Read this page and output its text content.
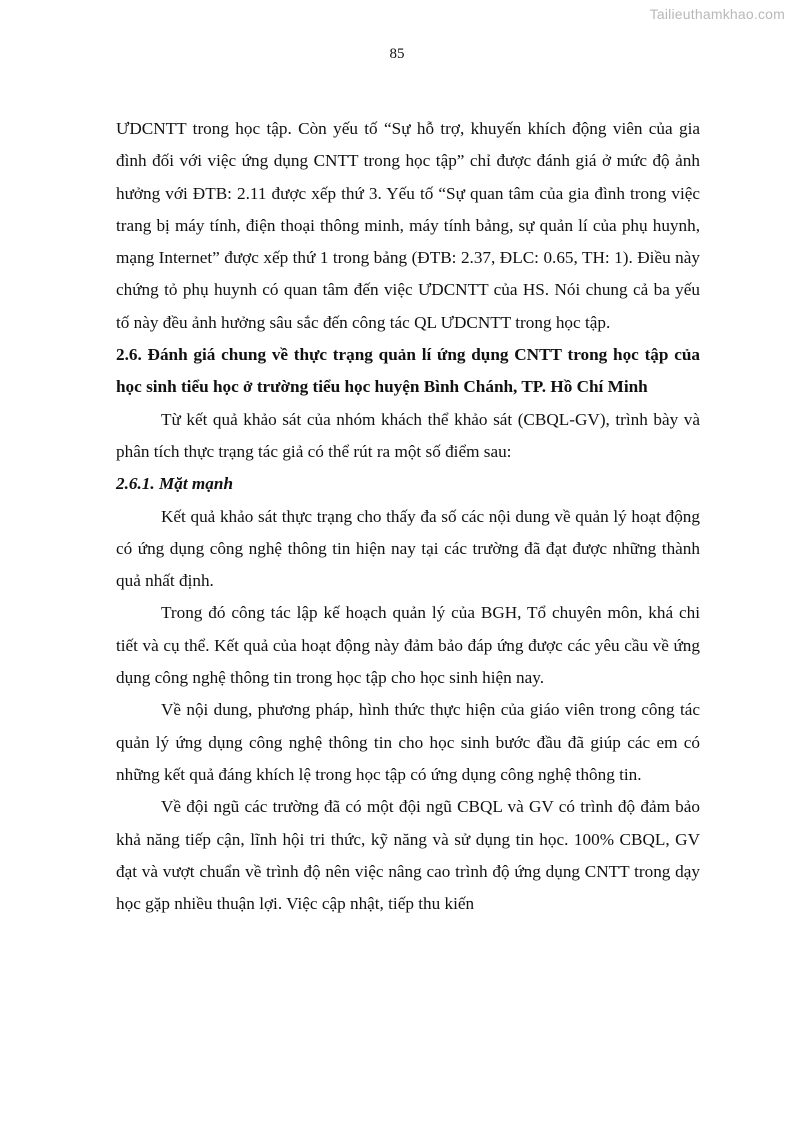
Tailieuthamkhao.com
85

ƯDCNTT trong học tập. Còn yếu tố “Sự hỗ trợ, khuyến khích động viên của gia đình đối với việc ứng dụng CNTT trong học tập” chỉ được đánh giá ở mức độ ảnh hưởng với ĐTB: 2.11 được xếp thứ 3. Yếu tố “Sự quan tâm của gia đình trong việc trang bị máy tính, điện thoại thông minh, máy tính bảng, sự quản lí của phụ huynh, mạng Internet” được xếp thứ 1 trong bảng (ĐTB: 2.37, ĐLC: 0.65, TH: 1). Điều này chứng tỏ phụ huynh có quan tâm đến việc ƯDCNTT của HS. Nói chung cả ba yếu tố này đều ảnh hưởng sâu sắc đến công tác QL ƯDCNTT trong học tập.

2.6. Đánh giá chung về thực trạng quản lí ứng dụng CNTT trong học tập của học sinh tiểu học ở trường tiểu học huyện Bình Chánh, TP. Hồ Chí Minh

Từ kết quả khảo sát của nhóm khách thể khảo sát (CBQL-GV), trình bày và phân tích thực trạng tác giả có thể rút ra một số điểm sau:

2.6.1. Mặt mạnh

Kết quả khảo sát thực trạng cho thấy đa số các nội dung về quản lý hoạt động có ứng dụng công nghệ thông tin hiện nay tại các trường đã đạt được những thành quả nhất định.

Trong đó công tác lập kế hoạch quản lý của BGH, Tổ chuyên môn, khá chi tiết và cụ thể. Kết quả của hoạt động này đảm bảo đáp ứng được các yêu cầu về ứng dụng công nghệ thông tin trong học tập cho học sinh hiện nay.

Về nội dung, phương pháp, hình thức thực hiện của giáo viên trong công tác quản lý ứng dụng công nghệ thông tin cho học sinh bước đầu đã giúp các em có những kết quả đáng khích lệ trong học tập có ứng dụng công nghệ thông tin.

Về đội ngũ các trường đã có một đội ngũ CBQL và GV có trình độ đảm bảo khả năng tiếp cận, lĩnh hội tri thức, kỹ năng và sử dụng tin học. 100% CBQL, GV đạt và vượt chuẩn về trình độ nên việc nâng cao trình độ ứng dụng CNTT trong dạy học gặp nhiều thuận lợi. Việc cập nhật, tiếp thu kiến
